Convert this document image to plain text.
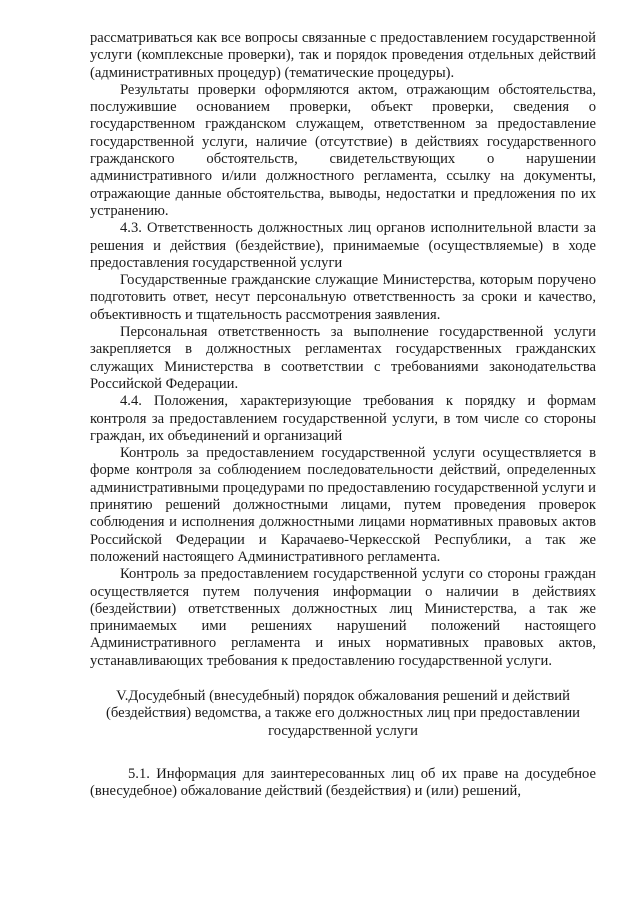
рассматриваться как все вопросы связанные с предоставлением государственной услуги (комплексные проверки), так и порядок проведения отдельных действий (административных процедур) (тематические процедуры).

Результаты проверки оформляются актом, отражающим обстоятельства, послужившие основанием проверки, объект проверки, сведения о государственном гражданском служащем, ответственном за предоставление государственной услуги, наличие (отсутствие) в действиях государственного гражданского обстоятельств, свидетельствующих о нарушении административного и/или должностного регламента, ссылку на документы, отражающие данные обстоятельства, выводы, недостатки и предложения по их устранению.

4.3. Ответственность должностных лиц органов исполнительной власти за решения и действия (бездействие), принимаемые (осуществляемые) в ходе предоставления государственной услуги

Государственные гражданские служащие Министерства, которым поручено подготовить ответ, несут персональную ответственность за сроки и качество, объективность и тщательность рассмотрения заявления.

Персональная ответственность за выполнение государственной услуги закрепляется в должностных регламентах государственных гражданских служащих Министерства в соответствии с требованиями законодательства Российской Федерации.

4.4. Положения, характеризующие требования к порядку и формам контроля за предоставлением государственной услуги, в том числе со стороны граждан, их объединений и организаций

Контроль за предоставлением государственной услуги осуществляется в форме контроля за соблюдением последовательности действий, определенных административными процедурами по предоставлению государственной услуги и принятию решений должностными лицами, путем проведения проверок соблюдения и исполнения должностными лицами нормативных правовых актов Российской Федерации и Карачаево-Черкесской Республики, а так же положений настоящего Административного регламента.

Контроль за предоставлением государственной услуги со стороны граждан осуществляется путем получения информации о наличии в действиях (бездействии) ответственных должностных лиц Министерства, а так же принимаемых ими решениях нарушений положений настоящего Административного регламента и иных нормативных правовых актов, устанавливающих требования к предоставлению государственной услуги.

V.Досудебный (внесудебный) порядок обжалования решений и действий (бездействия) ведомства, а также его должностных лиц при предоставлении государственной услуги

5.1. Информация для заинтересованных лиц об их праве на досудебное (внесудебное) обжалование действий (бездействия) и (или) решений,
